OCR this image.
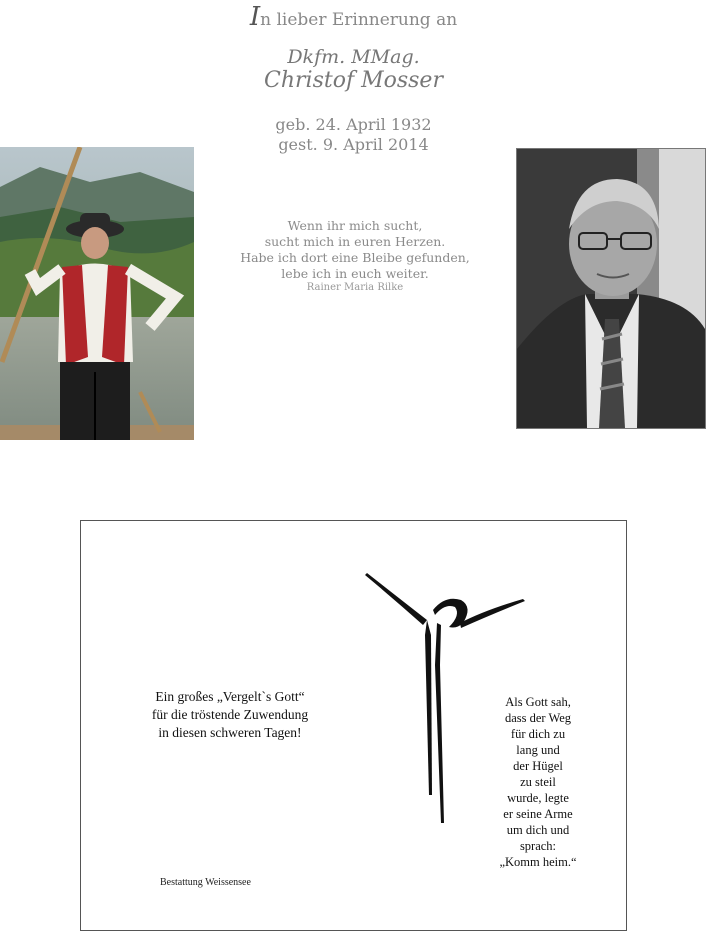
In lieber Erinnerung an
Dkfm. MMag.
Christof Mosser
geb. 24. April 1932
gest. 9. April 2014
Wenn ihr mich sucht,
sucht mich in euren Herzen.
Habe ich dort eine Bleibe gefunden,
lebe ich in euch weiter.
Rainer Maria Rilke
Ein großes „Vergelt`s Gott“
für die tröstende Zuwendung
in diesen schweren Tagen!
Als Gott sah,
dass der Weg
für dich zu
lang und
der Hügel
zu steil
wurde, legte
er seine Arme
um dich und
sprach:
„Komm heim.“
Bestattung Weissensee
